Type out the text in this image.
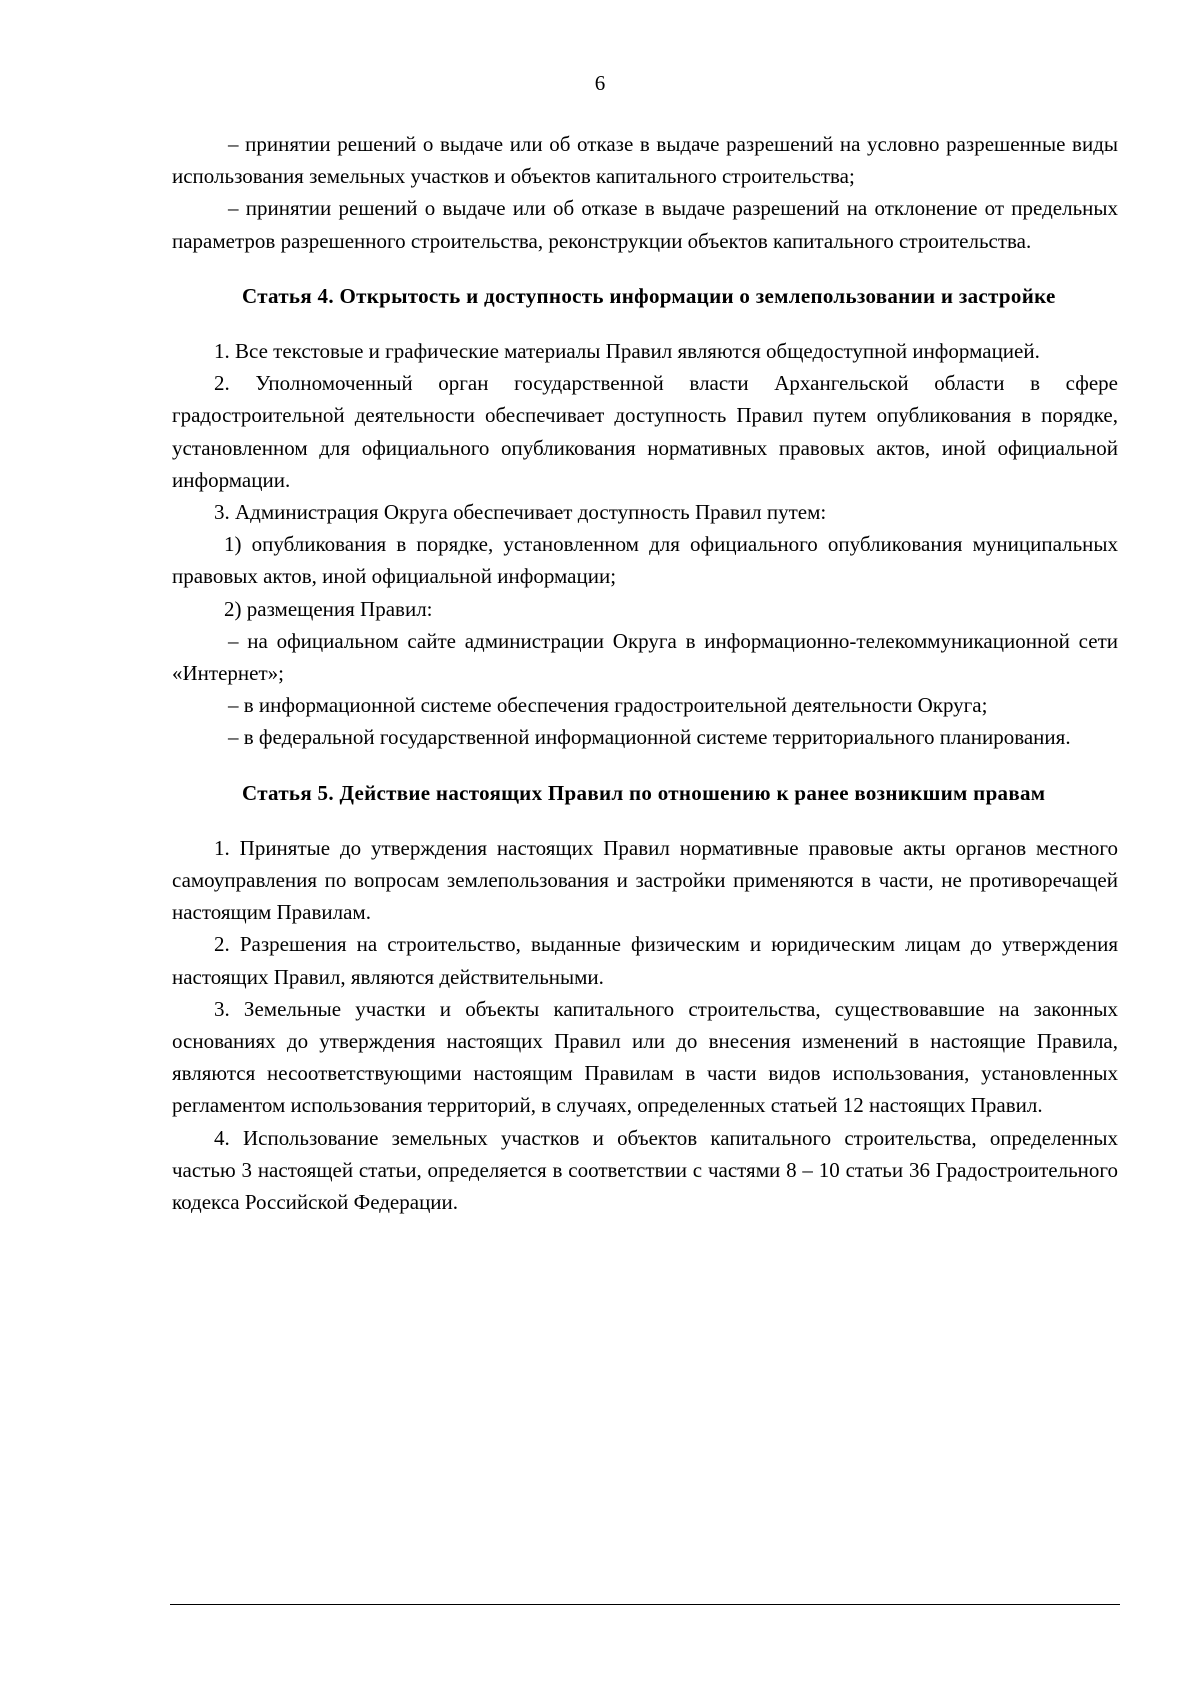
6

– принятии решений о выдаче или об отказе в выдаче разрешений на условно разрешенные виды использования земельных участков и объектов капитального строительства;

– принятии решений о выдаче или об отказе в выдаче разрешений на отклонение от предельных параметров разрешенного строительства, реконструкции объектов капитального строительства.

Статья 4. Открытость и доступность информации о землепользовании и застройке

1. Все текстовые и графические материалы Правил являются общедоступной информацией.

2. Уполномоченный орган государственной власти Архангельской области в сфере градостроительной деятельности обеспечивает доступность Правил путем опубликования в порядке, установленном для официального опубликования нормативных правовых актов, иной официальной информации.

3. Администрация Округа обеспечивает доступность Правил путем:

1) опубликования в порядке, установленном для официального опубликования муниципальных правовых актов, иной официальной информации;

2) размещения Правил:

– на официальном сайте администрации Округа в информационно-телекоммуникационной сети «Интернет»;

– в информационной системе обеспечения градостроительной деятельности Округа;

– в федеральной государственной информационной системе территориального планирования.

Статья 5. Действие настоящих Правил по отношению к ранее возникшим правам

1. Принятые до утверждения настоящих Правил нормативные правовые акты органов местного самоуправления по вопросам землепользования и застройки применяются в части, не противоречащей настоящим Правилам.

2. Разрешения на строительство, выданные физическим и юридическим лицам до утверждения настоящих Правил, являются действительными.

3. Земельные участки и объекты капитального строительства, существовавшие на законных основаниях до утверждения настоящих Правил или до внесения изменений в настоящие Правила, являются несоответствующими настоящим Правилам в части видов использования, установленных регламентом использования территорий, в случаях, определенных статьей 12 настоящих Правил.

4. Использование земельных участков и объектов капитального строительства, определенных частью 3 настоящей статьи, определяется в соответствии с частями 8 – 10 статьи 36 Градостроительного кодекса Российской Федерации.
